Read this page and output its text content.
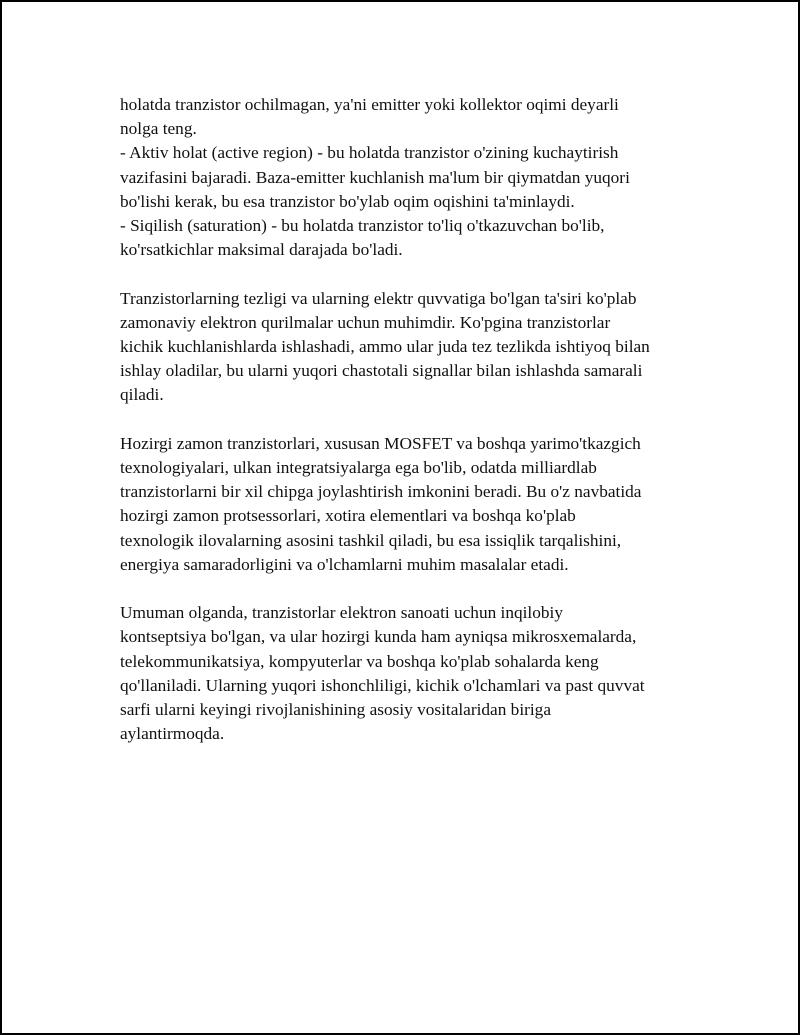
holatda tranzistor ochilmagan, ya'ni emitter yoki kollektor oqimi deyarli
nolga teng.
- Aktiv holat (active region) - bu holatda tranzistor o'zining kuchaytirish
vazifasini bajaradi. Baza-emitter kuchlanish ma'lum bir qiymatdan yuqori
bo'lishi kerak, bu esa tranzistor bo'ylab oqim oqishini ta'minlaydi.
- Siqilish (saturation) - bu holatda tranzistor to'liq o'tkazuvchan bo'lib,
ko'rsatkichlar maksimal darajada bo'ladi.

Tranzistorlarning tezligi va ularning elektr quvvatiga bo'lgan ta'siri ko'plab
zamonaviy elektron qurilmalar uchun muhimdir. Ko'pgina tranzistorlar
kichik kuchlanishlarda ishlashadi, ammo ular juda tez tezlikda ishtiyoq bilan
ishlay oladilar, bu ularni yuqori chastotali signallar bilan ishlashda samarali
qiladi.

Hozirgi zamon tranzistorlari, xususan MOSFET va boshqa yarimo'tkazgich
texnologiyalari, ulkan integratsiyalarga ega bo'lib, odatda milliardlab
tranzistorlarni bir xil chipga joylashtirish imkonini beradi. Bu o'z navbatida
hozirgi zamon protsessorlari, xotira elementlari va boshqa ko'plab
texnologik ilovalarning asosini tashkil qiladi, bu esa issiqlik tarqalishini,
energiya samaradorligini va o'lchamlarni muhim masalalar etadi.

Umuman olganda, tranzistorlar elektron sanoati uchun inqilobiy
kontseptsiya bo'lgan, va ular hozirgi kunda ham ayniqsa mikrosxemalarda,
telekommunikatsiya, kompyuterlar va boshqa ko'plab sohalarda keng
qo'llaniladi. Ularning yuqori ishonchliligi, kichik o'lchamlari va past quvvat
sarfi ularni keyingi rivojlanishining asosiy vositalaridan biriga
aylantirmoqda.
